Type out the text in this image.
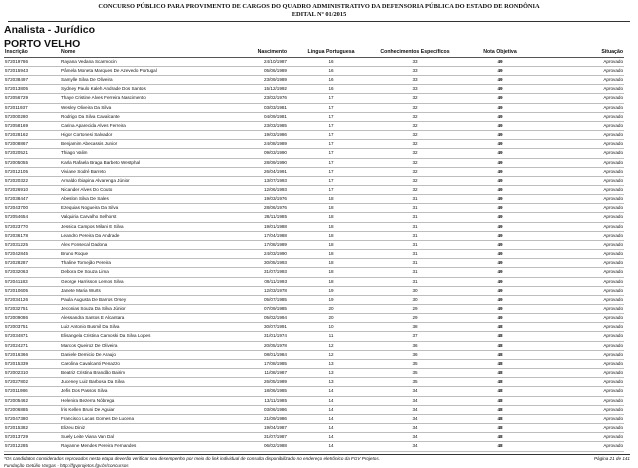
CONCURSO PÚBLICO PARA PROVIMENTO DE CARGOS DO QUADRO ADMINISTRATIVO DA DEFENSORIA PÚBLICA DO ESTADO DE RONDÔNIA
EDITAL Nº 01/2015
Analista - Jurídico
PORTO VELHO
Inscrição	Nome	Nascimento	Língua Portuguesa	Conhecimentos Específicos	Nota Objetiva	Situação
572019786	Rayana Vedana Scarmocin	24/10/1987	16	33	49	Aprovado
572015943	Pâmela Moneta Marques De Azevedo Portugal	05/06/1989	16	33	49	Aprovado
572038497	Samylle Silva De Oliveira	23/09/1989	16	33	49	Aprovado
572013805	Sydney Paulo Kaleh Andrade Dos Santos	15/12/1992	16	33	49	Aprovado
572056729	Thaye Cristine Alves Ferreira Nascimento	23/02/1976	17	32	49	Aprovado
572011937	Wesley Oliveira Da Silva	03/03/1981	17	32	49	Aprovado
572000280	Rodrigo Da Silva Cavalcante	04/09/1981	17	32	49	Aprovado
572058169	Carina Aparecida Alves Ferreira	23/03/1985	17	32	49	Aprovado
572028162	Higor Cortonesi Salvador	19/03/1986	17	32	49	Aprovado
572008867	Benjamim Abecassis Junior	24/08/1989	17	32	49	Aprovado
572020521	Thiago Valim	09/03/1990	17	32	49	Aprovado
572005055	Karla Rafaela Braga Barbeto Westphal	28/09/1990	17	32	49	Aprovado
572012105	Viviane Sodré Barreto	26/04/1991	17	32	49	Aprovado
572020322	Arnaldo Ibiapina Alvarenga Júnior	13/07/1993	17	32	49	Aprovado
572026910	Nicander Alves Do Couto	12/06/1993	17	32	49	Aprovado
572038447	Abeslon Silva De Sales	19/03/1976	18	31	49	Aprovado
572043700	Ezequias Nogueira Da Silva	28/06/1976	18	31	49	Aprovado
572054654	Valquiria Carvalho Selhorst	28/11/1985	18	31	49	Aprovado
572023770	Jessica Campos Milani E Silva	19/01/1988	18	31	49	Aprovado
572036178	Leandro Pereira Da Andrade	17/04/1988	18	31	49	Aprovado
572031225	Alex Fonsecal Dadona	17/08/1989	18	31	49	Aprovado
572042845	Bruno Roque	24/03/1990	18	31	49	Aprovado
572028287	Thaline Tornejão Pereira	30/05/1993	18	31	49	Aprovado
572032063	Debora De Souza Lima	31/07/1993	18	31	49	Aprovado
572041183	George Harrisson Lemos Silva	09/11/1993	18	31	49	Aprovado
572010605	Janete Maria Wurts	12/03/1978	19	30	49	Aprovado
572034126	Paula Augusta De Barros Orsey	05/07/1985	19	30	49	Aprovado
572032751	Jeconias Souza Da Silva Júnior	07/09/1985	20	29	49	Aprovado
572009086	Alessandra Santos E Alcantara	05/02/1994	20	29	49	Aprovado
572003751	Luiz Antonio Busmil Da Silva	30/07/1991	10	38	48	Aprovado
572034871	Elisangela Cristina Camoski Da Silva Lopes	31/01/1974	11	37	48	Aprovado
572024271	Marcos Queiroz De Oliveira	20/05/1978	12	36	48	Aprovado
572016366	Daniele Demicio De Araujo	08/01/1984	12	36	48	Aprovado
572015339	Carolina Cavalcanti Penazzo	17/08/1985	13	35	48	Aprovado
572002310	Beatriz Cristina Brandão Bairim	11/08/1987	13	35	48	Aprovado
572027802	Juceney Luiz Barbosa Da Silva	26/05/1989	13	35	48	Aprovado
572011986	Jefis Dos Passos Silva	18/06/1985	14	34	48	Aprovado
572005462	Helenira Bezerra Nóbrega	13/11/1985	14	34	48	Aprovado
572006885	Íris Kellen Bruni De Aguiar	03/06/1986	14	34	48	Aprovado
572047380	Francisco Lucas Gomes De Lucena	21/09/1986	14	34	48	Aprovado
572015382	Elizeu Diniz	19/04/1987	14	34	48	Aprovado
572013729	Suely Leite Viana Van Dal	31/07/1987	14	34	48	Aprovado
572012285	Rayanne Mendes Pereira Fernandes	06/02/1988	14	34	48	Aprovado
*Os candidatos considerados reprovados nesta etapa deverão verificar seu desempenho por meio do link individual de consulta disponibilizado no endereço eletrônico da FGV Projetos.	Página 21 de 141
Fundação Getúlio Vargas - http://fgvprojetos.fgv.br/concursos
